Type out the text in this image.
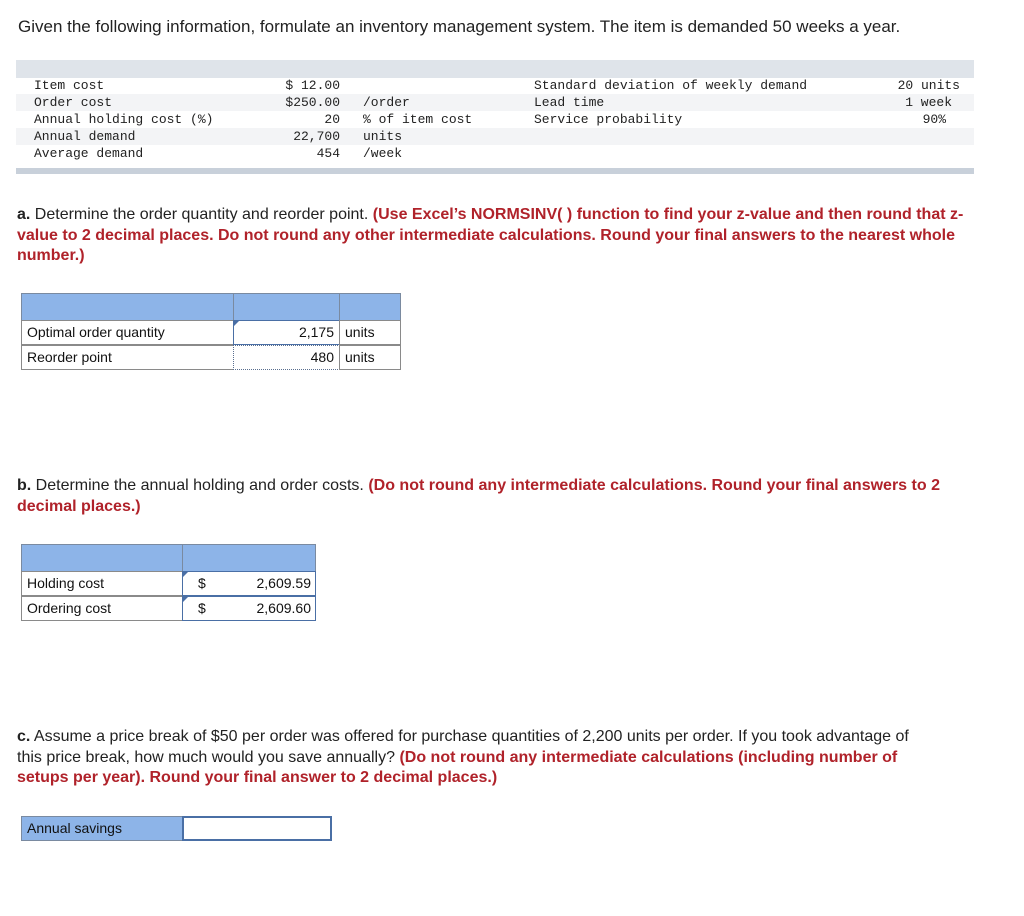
Given the following information, formulate an inventory management system. The item is demanded 50 weeks a year.
Item cost	$ 12.00
Order cost	$250.00 /order
Annual holding cost (%)	20 % of item cost
Annual demand	22,700 units
Average demand	454 /week
Standard deviation of weekly demand	20 units
Lead time	1 week
Service probability	90%
a. Determine the order quantity and reorder point. (Use Excel’s NORMSINV( ) function to find your z-value and then round that z-value to 2 decimal places. Do not round any other intermediate calculations. Round your final answers to the nearest whole number.)
Optimal order quantity	2,175 units
Reorder point	480 units
b. Determine the annual holding and order costs. (Do not round any intermediate calculations. Round your final answers to 2 decimal places.)
Holding cost	$	2,609.59
Ordering cost	$	2,609.60
c. Assume a price break of $50 per order was offered for purchase quantities of 2,200 units per order. If you took advantage of this price break, how much would you save annually? (Do not round any intermediate calculations (including number of setups per year). Round your final answer to 2 decimal places.)
Annual savings
